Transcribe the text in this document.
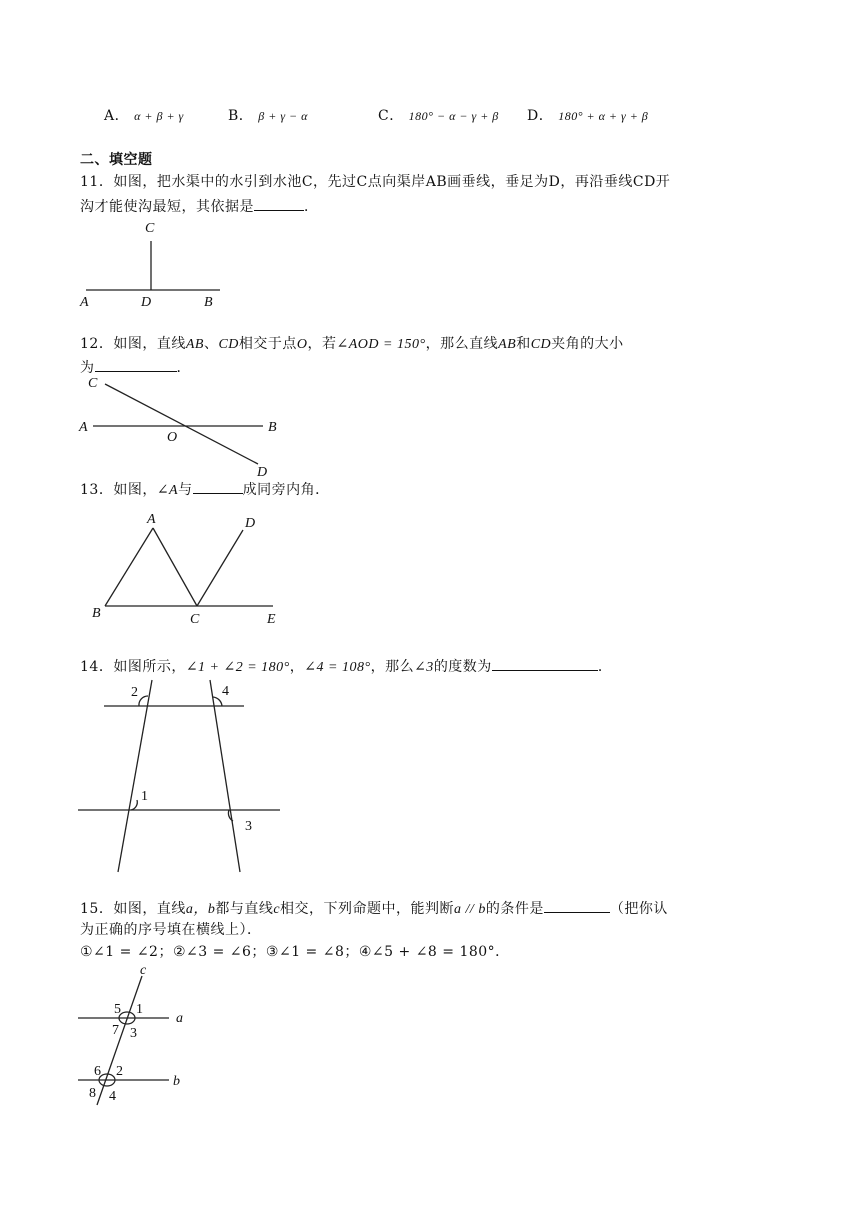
A． α + β + γ	B． β + γ − α	C． 180° − α − γ + β D． 180° + α + γ + β
二、填空题
11．如图，把水渠中的水引到水池C，先过C点向渠岸AB画垂线，垂足为D，再沿垂线CD开
沟才能使沟最短，其依据是	．
C
A	D	B
12．如图，直线AB、CD相交于点O，若∠AOD = 150°，那么直线AB和CD夹角的大小
为	．
C
A
O
B
D
13．如图，∠A与	成同旁内角．
A	D
B	C	E
14．如图所示，∠1 + ∠2 = 180°，∠4 = 108°，那么∠3的度数为	．
2	4
1
3
15．如图，直线a，b都与直线c相交，下列命题中，能判断a // b的条件是	（把你认
为正确的序号填在横线上）．
①∠1 = ∠2；②∠3 = ∠6；③∠1 = ∠8；④∠5 + ∠8 = 180°．
c
a
b
5 1
7 3
6 2
8 4
